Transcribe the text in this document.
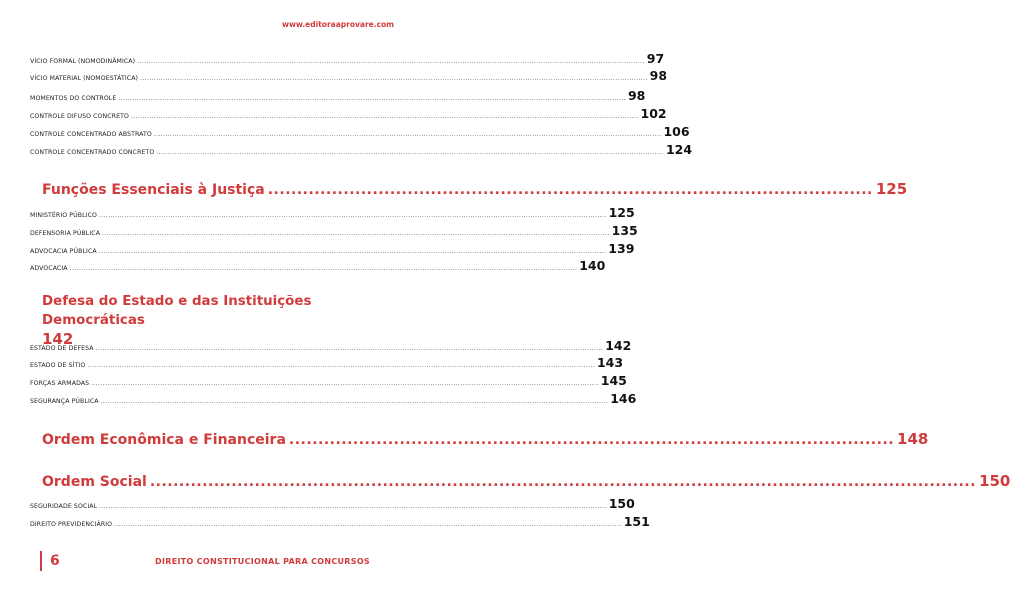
www.editoraaprovare.com
VÍCIO FORMAL (NOMODINÂMICA) ............................................................................................................................................................................................................................ 97
VÍCIO MATERIAL (NOMOESTÁTICA) ............................................................................................................................................................................................................................ 98
MOMENTOS DO CONTROLE ............................................................................................................................................................................................................................ 98
CONTROLE DIFUSO CONCRETO ............................................................................................................................................................................................................................ 102
CONTROLE CONCENTRADO ABSTRATO ............................................................................................................................................................................................................................ 106
CONTROLE CONCENTRADO CONCRETO ............................................................................................................................................................................................................................ 124
Funções Essenciais à Justiça ........................................................................................................ 125
MINISTÉRIO PÚBLICO ............................................................................................................................................................................................................................ 125
DEFENSORIA PÚBLICA ............................................................................................................................................................................................................................ 135
ADVOCACIA PÚBLICA ............................................................................................................................................................................................................................ 139
ADVOCACIA ............................................................................................................................................................................................................................ 140
Defesa do Estado e das Instituições Democráticas
142
ESTADO DE DEFESA ............................................................................................................................................................................................................................ 142
ESTADO DE SÍTIO ............................................................................................................................................................................................................................ 143
FORÇAS ARMADAS ............................................................................................................................................................................................................................ 145
SEGURANÇA PÚBLICA ............................................................................................................................................................................................................................ 146
Ordem Econômica e Financeira ........................................................................................................ 148
Ordem Social .............................................................................................................................................. 150
SEGURIDADE SOCIAL ............................................................................................................................................................................................................................ 150
DIREITO PREVIDENCIÁRIO ............................................................................................................................................................................................................................ 151
6	DIREITO CONSTITUCIONAL PARA CONCURSOS
